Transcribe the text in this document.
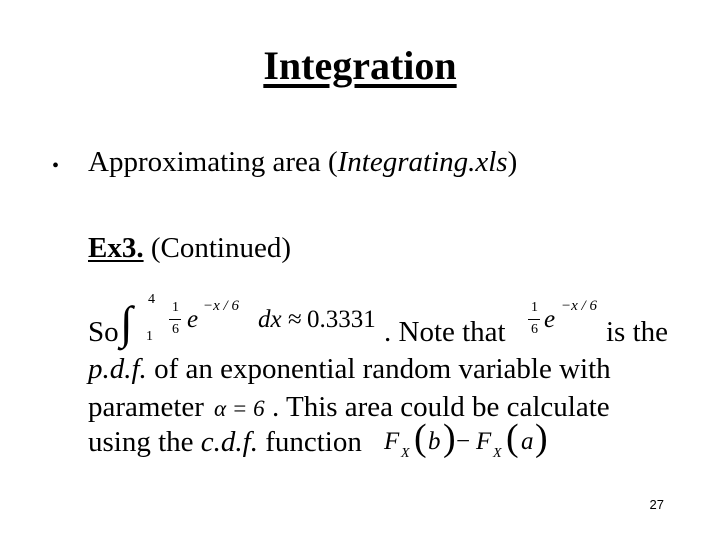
Integration
• Approximating area (Integrating.xls)
Ex3. (Continued)
So ∫ 4
1
1
6 e −x / 6 dx ≈ 0.3331 . Note that
1
6 e −x / 6
is the
p.d.f. of an exponential random variable with
parameter α = 6 . This area could be calculate
using the c.d.f. function F X ( b ) − F X ( a )
27
